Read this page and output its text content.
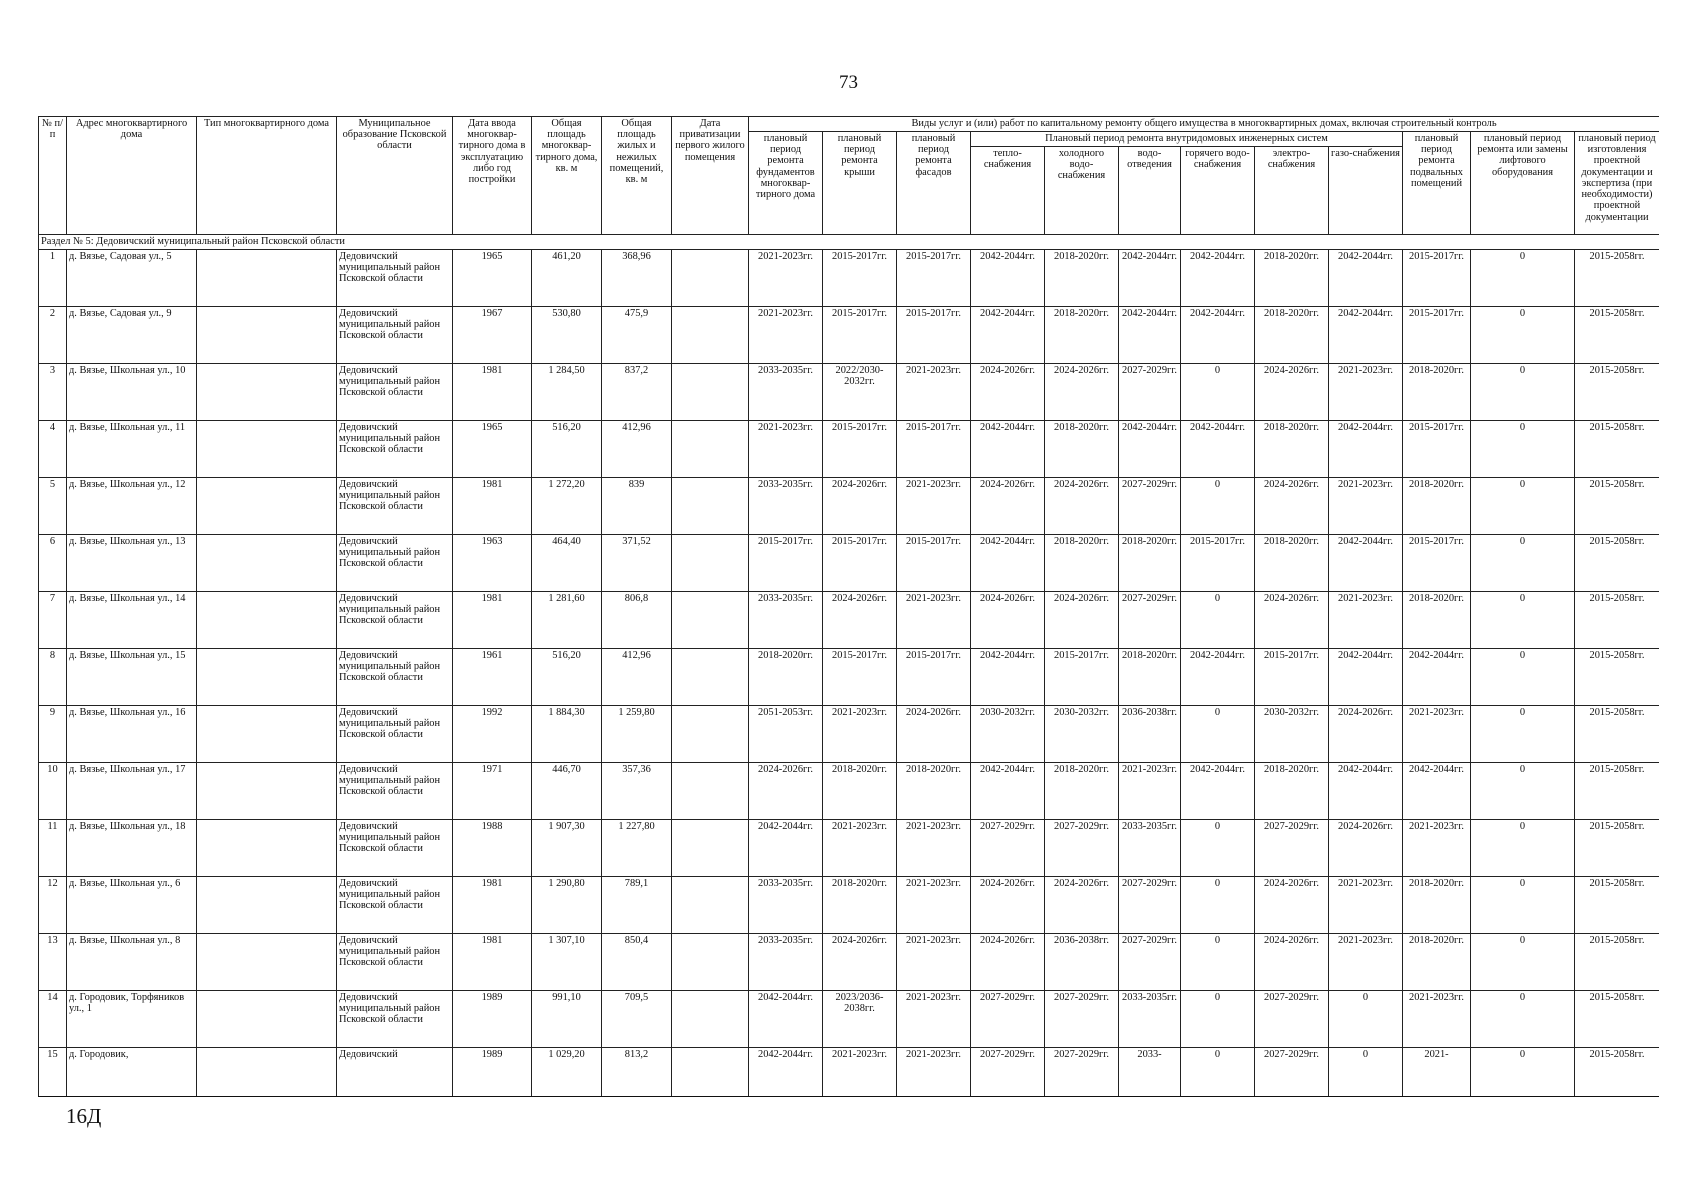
73
№ п/п	Адрес многоквартирного дома	Тип многоквартирного дома	Муниципальное образование Псковской области	Дата ввода многоквар-тирного дома в эксплуатацию либо год постройки	Общая площадь многоквар-тирного дома, кв. м	Общая площадь жилых и нежилых помещений, кв. м	Дата приватизации первого жилого помещения	Виды услуг и (или) работ по капитальному ремонту общего имущества в многоквартирных домах, включая строительный контроль											
								плановый период ремонта фундаментов многоквар-тирного дома	плановый период ремонта крыши	плановый период ремонта фасадов	Плановый период ремонта внутридомовых инженерных систем						плановый период ремонта подвальных помещений	плановый период ремонта или замены лифтового оборудования	плановый период изготовления проектной документации и экспертиза (при необходимости) проектной документации
											тепло-снабжения	холодного водо-снабжения	водо-отведения	горячего водо-снабжения	электро-снабжения	газо-снабжения			
Раздел № 5: Дедовичский муниципальный район Псковской области																			
1	д. Вязье, Садовая ул., 5		Дедовичский муниципальный район Псковской области	1965	461,20	368,96		2021-2023гг.	2015-2017гг.	2015-2017гг.	2042-2044гг.	2018-2020гг.	2042-2044гг.	2042-2044гг.	2018-2020гг.	2042-2044гг.	2015-2017гг.	0	2015-2058гг.
2	д. Вязье, Садовая ул., 9		Дедовичский муниципальный район Псковской области	1967	530,80	475,9		2021-2023гг.	2015-2017гг.	2015-2017гг.	2042-2044гг.	2018-2020гг.	2042-2044гг.	2042-2044гг.	2018-2020гг.	2042-2044гг.	2015-2017гг.	0	2015-2058гг.
3	д. Вязье, Школьная ул., 10		Дедовичский муниципальный район Псковской области	1981	1 284,50	837,2		2033-2035гг.	2022/2030-2032гг.	2021-2023гг.	2024-2026гг.	2024-2026гг.	2027-2029гг.	0	2024-2026гг.	2021-2023гг.	2018-2020гг.	0	2015-2058гг.
4	д. Вязье, Школьная ул., 11		Дедовичский муниципальный район Псковской области	1965	516,20	412,96		2021-2023гг.	2015-2017гг.	2015-2017гг.	2042-2044гг.	2018-2020гг.	2042-2044гг.	2042-2044гг.	2018-2020гг.	2042-2044гг.	2015-2017гг.	0	2015-2058гг.
5	д. Вязье, Школьная ул., 12		Дедовичский муниципальный район Псковской области	1981	1 272,20	839		2033-2035гг.	2024-2026гг.	2021-2023гг.	2024-2026гг.	2024-2026гг.	2027-2029гг.	0	2024-2026гг.	2021-2023гг.	2018-2020гг.	0	2015-2058гг.
6	д. Вязье, Школьная ул., 13		Дедовичский муниципальный район Псковской области	1963	464,40	371,52		2015-2017гг.	2015-2017гг.	2015-2017гг.	2042-2044гг.	2018-2020гг.	2018-2020гг.	2015-2017гг.	2018-2020гг.	2042-2044гг.	2015-2017гг.	0	2015-2058гг.
7	д. Вязье, Школьная ул., 14		Дедовичский муниципальный район Псковской области	1981	1 281,60	806,8		2033-2035гг.	2024-2026гг.	2021-2023гг.	2024-2026гг.	2024-2026гг.	2027-2029гг.	0	2024-2026гг.	2021-2023гг.	2018-2020гг.	0	2015-2058гг.
8	д. Вязье, Школьная ул., 15		Дедовичский муниципальный район Псковской области	1961	516,20	412,96		2018-2020гг.	2015-2017гг.	2015-2017гг.	2042-2044гг.	2015-2017гг.	2018-2020гг.	2042-2044гг.	2015-2017гг.	2042-2044гг.	2042-2044гг.	0	2015-2058гг.
9	д. Вязье, Школьная ул., 16		Дедовичский муниципальный район Псковской области	1992	1 884,30	1 259,80		2051-2053гг.	2021-2023гг.	2024-2026гг.	2030-2032гг.	2030-2032гг.	2036-2038гг.	0	2030-2032гг.	2024-2026гг.	2021-2023гг.	0	2015-2058гг.
10	д. Вязье, Школьная ул., 17		Дедовичский муниципальный район Псковской области	1971	446,70	357,36		2024-2026гг.	2018-2020гг.	2018-2020гг.	2042-2044гг.	2018-2020гг.	2021-2023гг.	2042-2044гг.	2018-2020гг.	2042-2044гг.	2042-2044гг.	0	2015-2058гг.
11	д. Вязье, Школьная ул., 18		Дедовичский муниципальный район Псковской области	1988	1 907,30	1 227,80		2042-2044гг.	2021-2023гг.	2021-2023гг.	2027-2029гг.	2027-2029гг.	2033-2035гг.	0	2027-2029гг.	2024-2026гг.	2021-2023гг.	0	2015-2058гг.
12	д. Вязье, Школьная ул., 6		Дедовичский муниципальный район Псковской области	1981	1 290,80	789,1		2033-2035гг.	2018-2020гг.	2021-2023гг.	2024-2026гг.	2024-2026гг.	2027-2029гг.	0	2024-2026гг.	2021-2023гг.	2018-2020гг.	0	2015-2058гг.
13	д. Вязье, Школьная ул., 8		Дедовичский муниципальный район Псковской области	1981	1 307,10	850,4		2033-2035гг.	2024-2026гг.	2021-2023гг.	2024-2026гг.	2036-2038гг.	2027-2029гг.	0	2024-2026гг.	2021-2023гг.	2018-2020гг.	0	2015-2058гг.
14	д. Городовик, Торфяников ул., 1		Дедовичский муниципальный район Псковской области	1989	991,10	709,5		2042-2044гг.	2023/2036-2038гг.	2021-2023гг.	2027-2029гг.	2027-2029гг.	2033-2035гг.	0	2027-2029гг.	0	2021-2023гг.	0	2015-2058гг.
15	д. Городовик,		Дедовичский	1989	1 029,20	813,2		2042-2044гг.	2021-2023гг.	2021-2023гг.	2027-2029гг.	2027-2029гг.	2033-	0	2027-2029гг.	0	2021-	0	2015-2058гг.
16Д
